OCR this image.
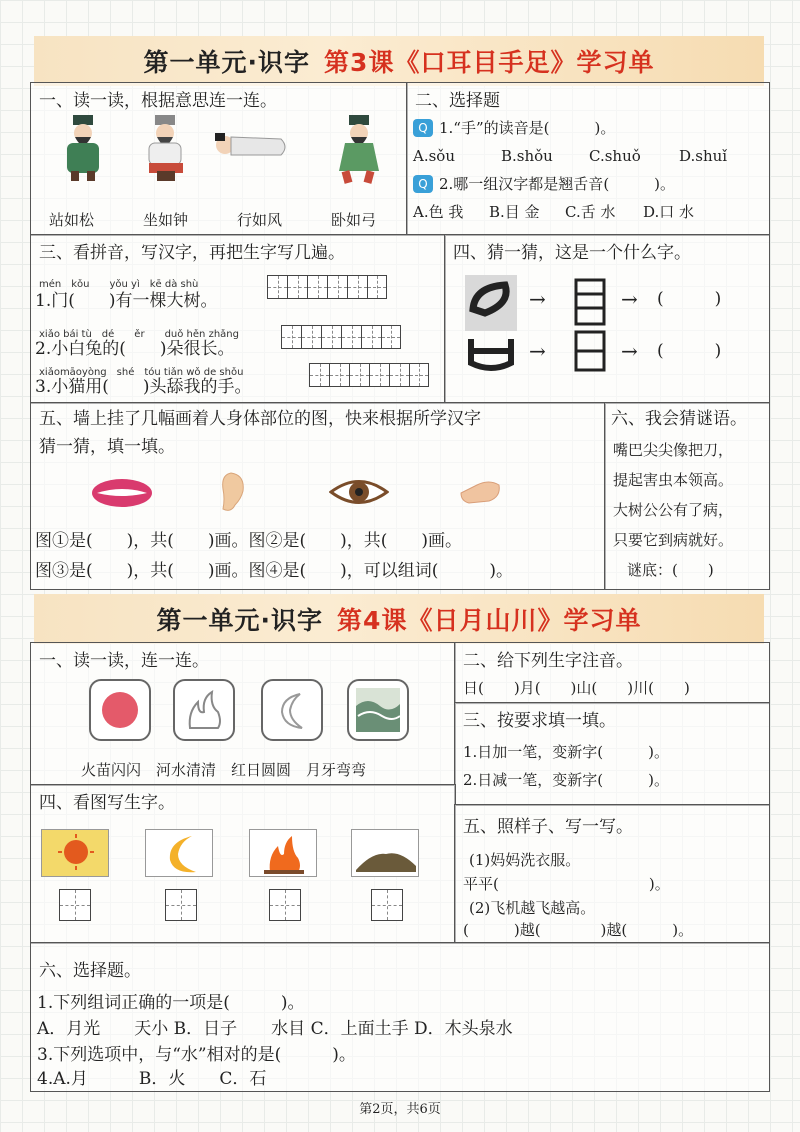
第一单元·识字 第3课《口耳目手足》学习单
一、读一读，根据意思连一连。
站如松	坐如钟	行如风	卧如弓
二、选择题
Q 1.“手”的读音是(　　　)。
A.sǒu	B.shǒu C.shuǒ	D.shuǐ
Q 2.哪一组汉字都是翘舌音(　　　)。
A.色 我 B.目 金 C.舌 水 D.口 水
三、看拼音，写汉字，再把生字写几遍。
mén　kǒu　　yǒu yì　kē dà shù
1.门(　　)有一棵大树。
xiǎo bái tù　dé　　ěr　　duǒ hěn zhǎng
2.小白兔的(　　)朵很长。
xiǎomāoyòng　shé　tóu tiǎn wǒ de shǒu
3.小猫用(　　)头舔我的手。
四、猜一猜，这是一个什么字。
→	→ (　　　)
→	→ (　　　)
五、墙上挂了几幅画着人身体部位的图，快来根据所学汉字
猜一猜，填一填。
图①是(　　)，共(　　)画。图②是(　　)，共(　　)画。
图③是(　　)，共(　　)画。图④是(　　)，可以组词(　　　)。
六、我会猜谜语。
嘴巴尖尖像把刀，
提起害虫本领高。
大树公公有了病，
只要它到病就好。
谜底：(　　)
第一单元·识字 第4课《日月山川》学习单
一、读一读，连一连。
火苗闪闪　河水清清　红日圆圆　月牙弯弯
二、给下列生字注音。
日(　　)月(　　)山(　　)川(　　)
三、按要求填一填。
1.日加一笔，变新字(　　　)。
2.日减一笔，变新字(　　　)。
四、看图写生字。
五、照样子、写一写。
(1)妈妈洗衣服。
平平(　　　　　　　　　　)。
(2)飞机越飞越高。
(　　　)越(　　　　)越(　　　)。
六、选择题。
1.下列组词正确的一项是(　　　)。
A．月光　　天小 B．日子　　水目 C．上面土手 D．木头泉水
3.下列选项中，与“水”相对的是(　　　)。
4.A.月　　　B．火　　C．石
第2页，共6页
